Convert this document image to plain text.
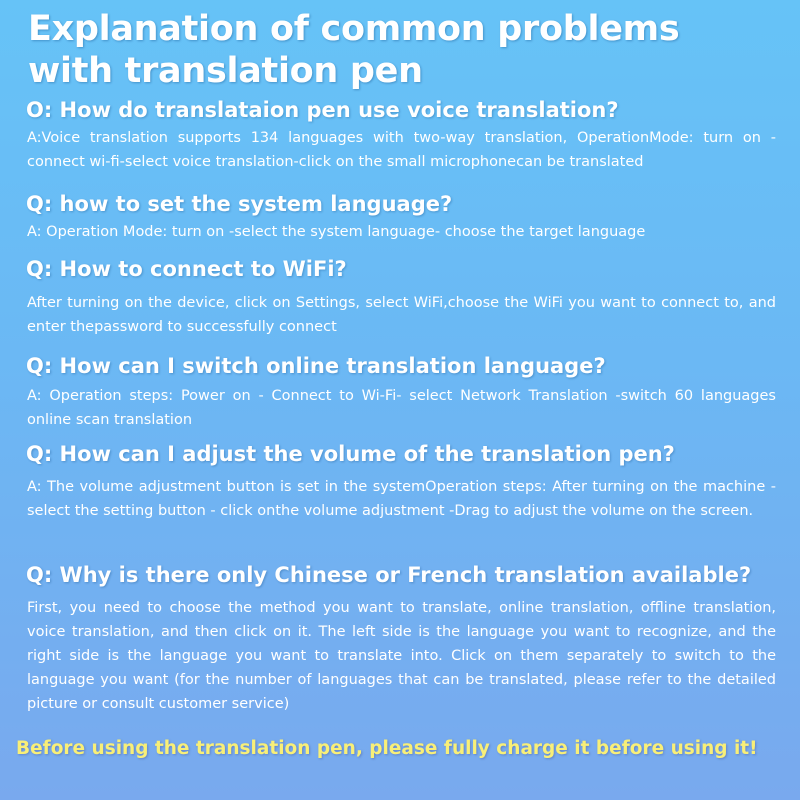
Explanation of common problems
with translation pen
O: How do translataion pen use voice translation?
A:Voice translation supports 134 languages with two-way translation, OperationMode: turn on -connect wi-fi-select voice translation-click on the small microphonecan be translated
Q: how to set the system language?
A: Operation Mode: turn on -select the system language- choose the target language
Q: How to connect to WiFi?
After turning on the device, click on Settings, select WiFi,choose the WiFi you want to connect to, and enter thepassword to successfully connect
Q: How can I switch online translation language?
A: Operation steps: Power on - Connect to Wi-Fi- select Network Translation -switch 60 languages online scan translation
Q: How can I adjust the volume of the translation pen?
A: The volume adjustment button is set in the systemOperation steps: After turning on the machine - select the setting button - click onthe volume adjustment -Drag to adjust the volume on the screen.
Q: Why is there only Chinese or French translation available?
First, you need to choose the method you want to translate, online translation, offline translation, voice translation, and then click on it. The left side is the language you want to recognize, and the right side is the language you want to translate into. Click on them separately to switch to the language you want (for the number of languages that can be translated, please refer to the detailed picture or consult customer service)
Before using the translation pen, please fully charge it before using it!
